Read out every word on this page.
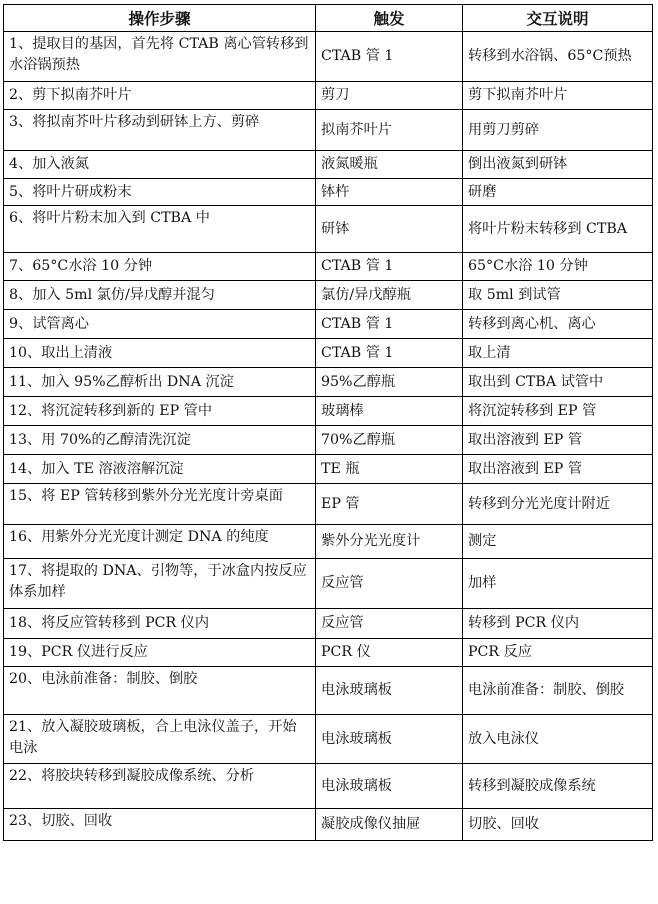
操作步骤	触发	交互说明
1、提取目的基因，首先将 CTAB 离心管转移到水浴锅预热	CTAB 管 1	转移到水浴锅、65°C预热
2、剪下拟南芥叶片	剪刀	剪下拟南芥叶片
3、将拟南芥叶片移动到研钵上方、剪碎	拟南芥叶片	用剪刀剪碎
4、加入液氮	液氮暖瓶	倒出液氮到研钵
5、将叶片研成粉末	钵杵	研磨
6、将叶片粉末加入到 CTBA 中	研钵	将叶片粉末转移到 CTBA
7、65°C水浴 10 分钟	CTAB 管 1	65°C水浴 10 分钟
8、加入 5ml 氯仿/异戊醇并混匀	氯仿/异戊醇瓶	取 5ml 到试管
9、试管离心	CTAB 管 1	转移到离心机、离心
10、取出上清液	CTAB 管 1	取上清
11、加入 95%乙醇析出 DNA 沉淀	95%乙醇瓶	取出到 CTBA 试管中
12、将沉淀转移到新的 EP 管中	玻璃棒	将沉淀转移到 EP 管
13、用 70%的乙醇清洗沉淀	70%乙醇瓶	取出溶液到 EP 管
14、加入 TE 溶液溶解沉淀	TE 瓶	取出溶液到 EP 管
15、将 EP 管转移到紫外分光光度计旁桌面	EP 管	转移到分光光度计附近
16、用紫外分光光度计测定 DNA 的纯度	紫外分光光度计	测定
17、将提取的 DNA、引物等，于冰盒内按反应体系加样	反应管	加样
18、将反应管转移到 PCR 仪内	反应管	转移到 PCR 仪内
19、PCR 仪进行反应	PCR 仪	PCR 反应
20、电泳前准备：制胶、倒胶	电泳玻璃板	电泳前准备：制胶、倒胶
21、放入凝胶玻璃板，合上电泳仪盖子，开始电泳	电泳玻璃板	放入电泳仪
22、将胶块转移到凝胶成像系统、分析	电泳玻璃板	转移到凝胶成像系统
23、切胶、回收	凝胶成像仪抽屉	切胶、回收
